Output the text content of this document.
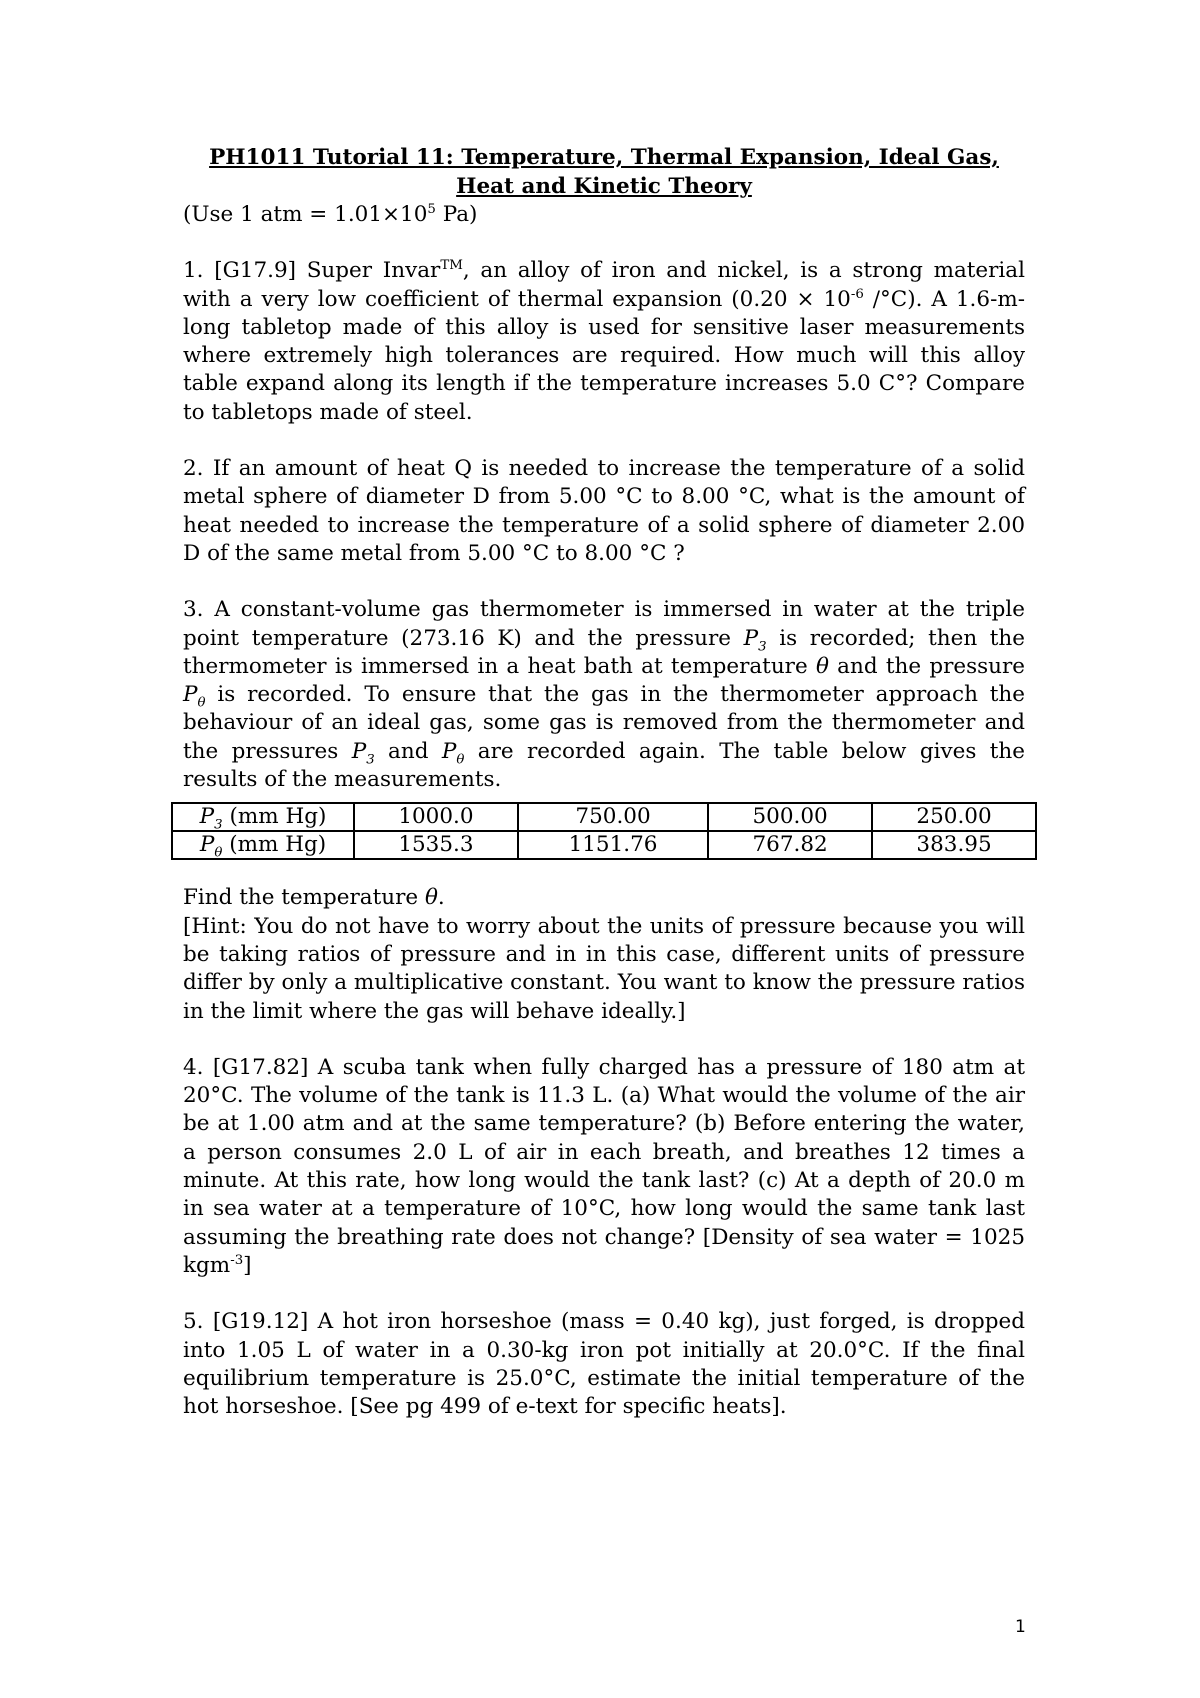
PH1011 Tutorial 11: Temperature, Thermal Expansion, Ideal Gas, Heat and Kinetic Theory

(Use 1 atm = $1.01\times 10^5$ Pa)

1. [G17.9] Super Invar™, an alloy of iron and nickel, is a strong material with a very low coefficient of thermal expansion ($0.20 \times 10^{-6}$ /°C). A 1.6-m-long tabletop made of this alloy is used for sensitive laser measurements where extremely high tolerances are required. How much will this alloy table expand along its length if the temperature increases 5.0 C°? Compare to tabletops made of steel.

2. If an amount of heat Q is needed to increase the temperature of a solid metal sphere of diameter D from 5.00 °C to 8.00 °C, what is the amount of heat needed to increase the temperature of a solid sphere of diameter 2.00 D of the same metal from 5.00 °C to 8.00 °C ?

3. A constant-volume gas thermometer is immersed in water at the triple point temperature (273.16 K) and the pressure $P_3$ is recorded; then the thermometer is immersed in a heat bath at temperature θ and the pressure $P_\theta$ is recorded. To ensure that the gas in the thermometer approach the behaviour of an ideal gas, some gas is removed from the thermometer and the pressures $P_3$ and $P_\theta$ are recorded again. The table below gives the results of the measurements.

$P_3$ (mm Hg)	1000.0	750.00	500.00	250.00
$P_\theta$ (mm Hg)	1535.3	1151.76	767.82	383.95

Find the temperature θ.
[Hint: You do not have to worry about the units of pressure because you will be taking ratios of pressure and in in this case, different units of pressure differ by only a multiplicative constant. You want to know the pressure ratios in the limit where the gas will behave ideally.]

4. [G17.82] A scuba tank when fully charged has a pressure of 180 atm at 20°C. The volume of the tank is 11.3 L. (a) What would the volume of the air be at 1.00 atm and at the same temperature? (b) Before entering the water, a person consumes 2.0 L of air in each breath, and breathes 12 times a minute. At this rate, how long would the tank last? (c) At a depth of 20.0 m in sea water at a temperature of 10°C, how long would the same tank last assuming the breathing rate does not change? [Density of sea water = 1025 kgm$^{-3}$]

5. [G19.12] A hot iron horseshoe (mass = 0.40 kg), just forged, is dropped into 1.05 L of water in a 0.30-kg iron pot initially at 20.0°C. If the final equilibrium temperature is 25.0°C, estimate the initial temperature of the hot horseshoe. [See pg 499 of e-text for specific heats].

1
